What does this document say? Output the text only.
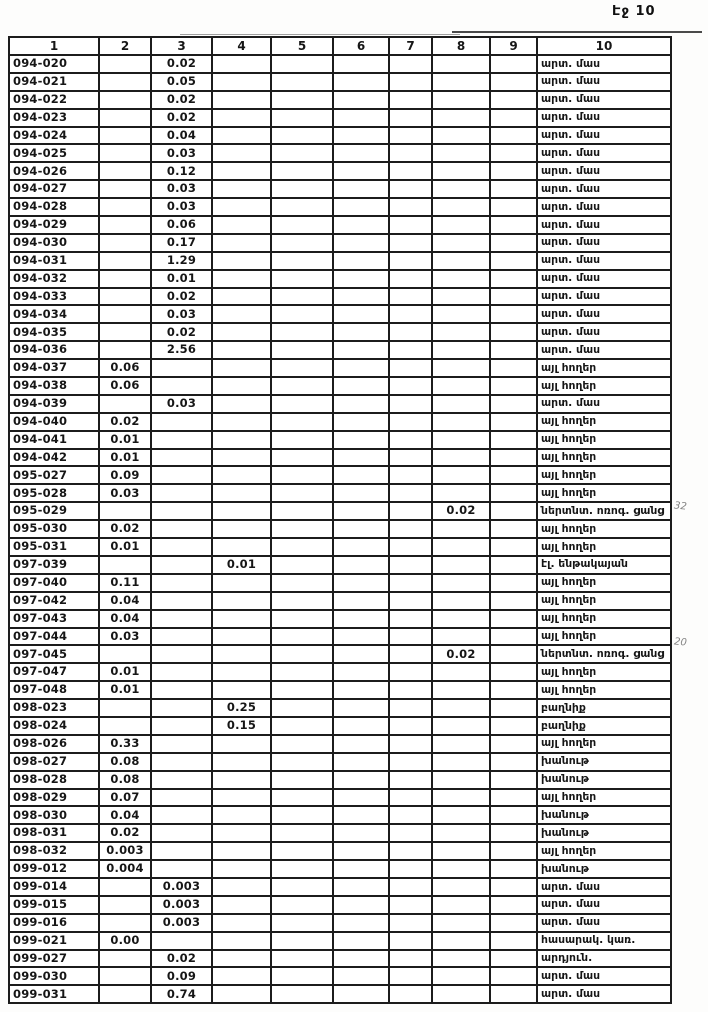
Էջ 10
1	2	3	4	5	6	7	8	9	10
094-020		0.02							արտ. մաս
094-021		0.05							արտ. մաս
094-022		0.02							արտ. մաս
094-023		0.02							արտ. մաս
094-024		0.04							արտ. մաս
094-025		0.03							արտ. մաս
094-026		0.12							արտ. մաս
094-027		0.03							արտ. մաս
094-028		0.03							արտ. մաս
094-029		0.06							արտ. մաս
094-030		0.17							արտ. մաս
094-031		1.29							արտ. մաս
094-032		0.01							արտ. մաս
094-033		0.02							արտ. մաս
094-034		0.03							արտ. մաս
094-035		0.02							արտ. մաս
094-036		2.56							արտ. մաս
094-037	0.06								այլ հողեր
094-038	0.06								այլ հողեր
094-039		0.03							արտ. մաս
094-040	0.02								այլ հողեր
094-041	0.01								այլ հողեր
094-042	0.01								այլ հողեր
095-027	0.09								այլ հողեր
095-028	0.03								այլ հողեր
095-029							0.02		ներտնտ. ոռոգ. ցանց
095-030	0.02								այլ հողեր
095-031	0.01								այլ հողեր
097-039			0.01						էլ. ենթակայան
097-040	0.11								այլ հողեր
097-042	0.04								այլ հողեր
097-043	0.04								այլ հողեր
097-044	0.03								այլ հողեր
097-045							0.02		ներտնտ. ոռոգ. ցանց
097-047	0.01								այլ հողեր
097-048	0.01								այլ հողեր
098-023			0.25						բաղնիք
098-024			0.15						բաղնիք
098-026	0.33								այլ հողեր
098-027	0.08								խանութ
098-028	0.08								խանութ
098-029	0.07								այլ հողեր
098-030	0.04								խանութ
098-031	0.02								խանութ
098-032	0.003								այլ հողեր
099-012	0.004								խանութ
099-014		0.003							արտ. մաս
099-015		0.003							արտ. մաս
099-016		0.003							արտ. մաս
099-021	0.00								հասարակ. կառ.
099-027		0.02							արդյուն.
099-030		0.09							արտ. մաս
099-031		0.74							արտ. մաս
32
20
